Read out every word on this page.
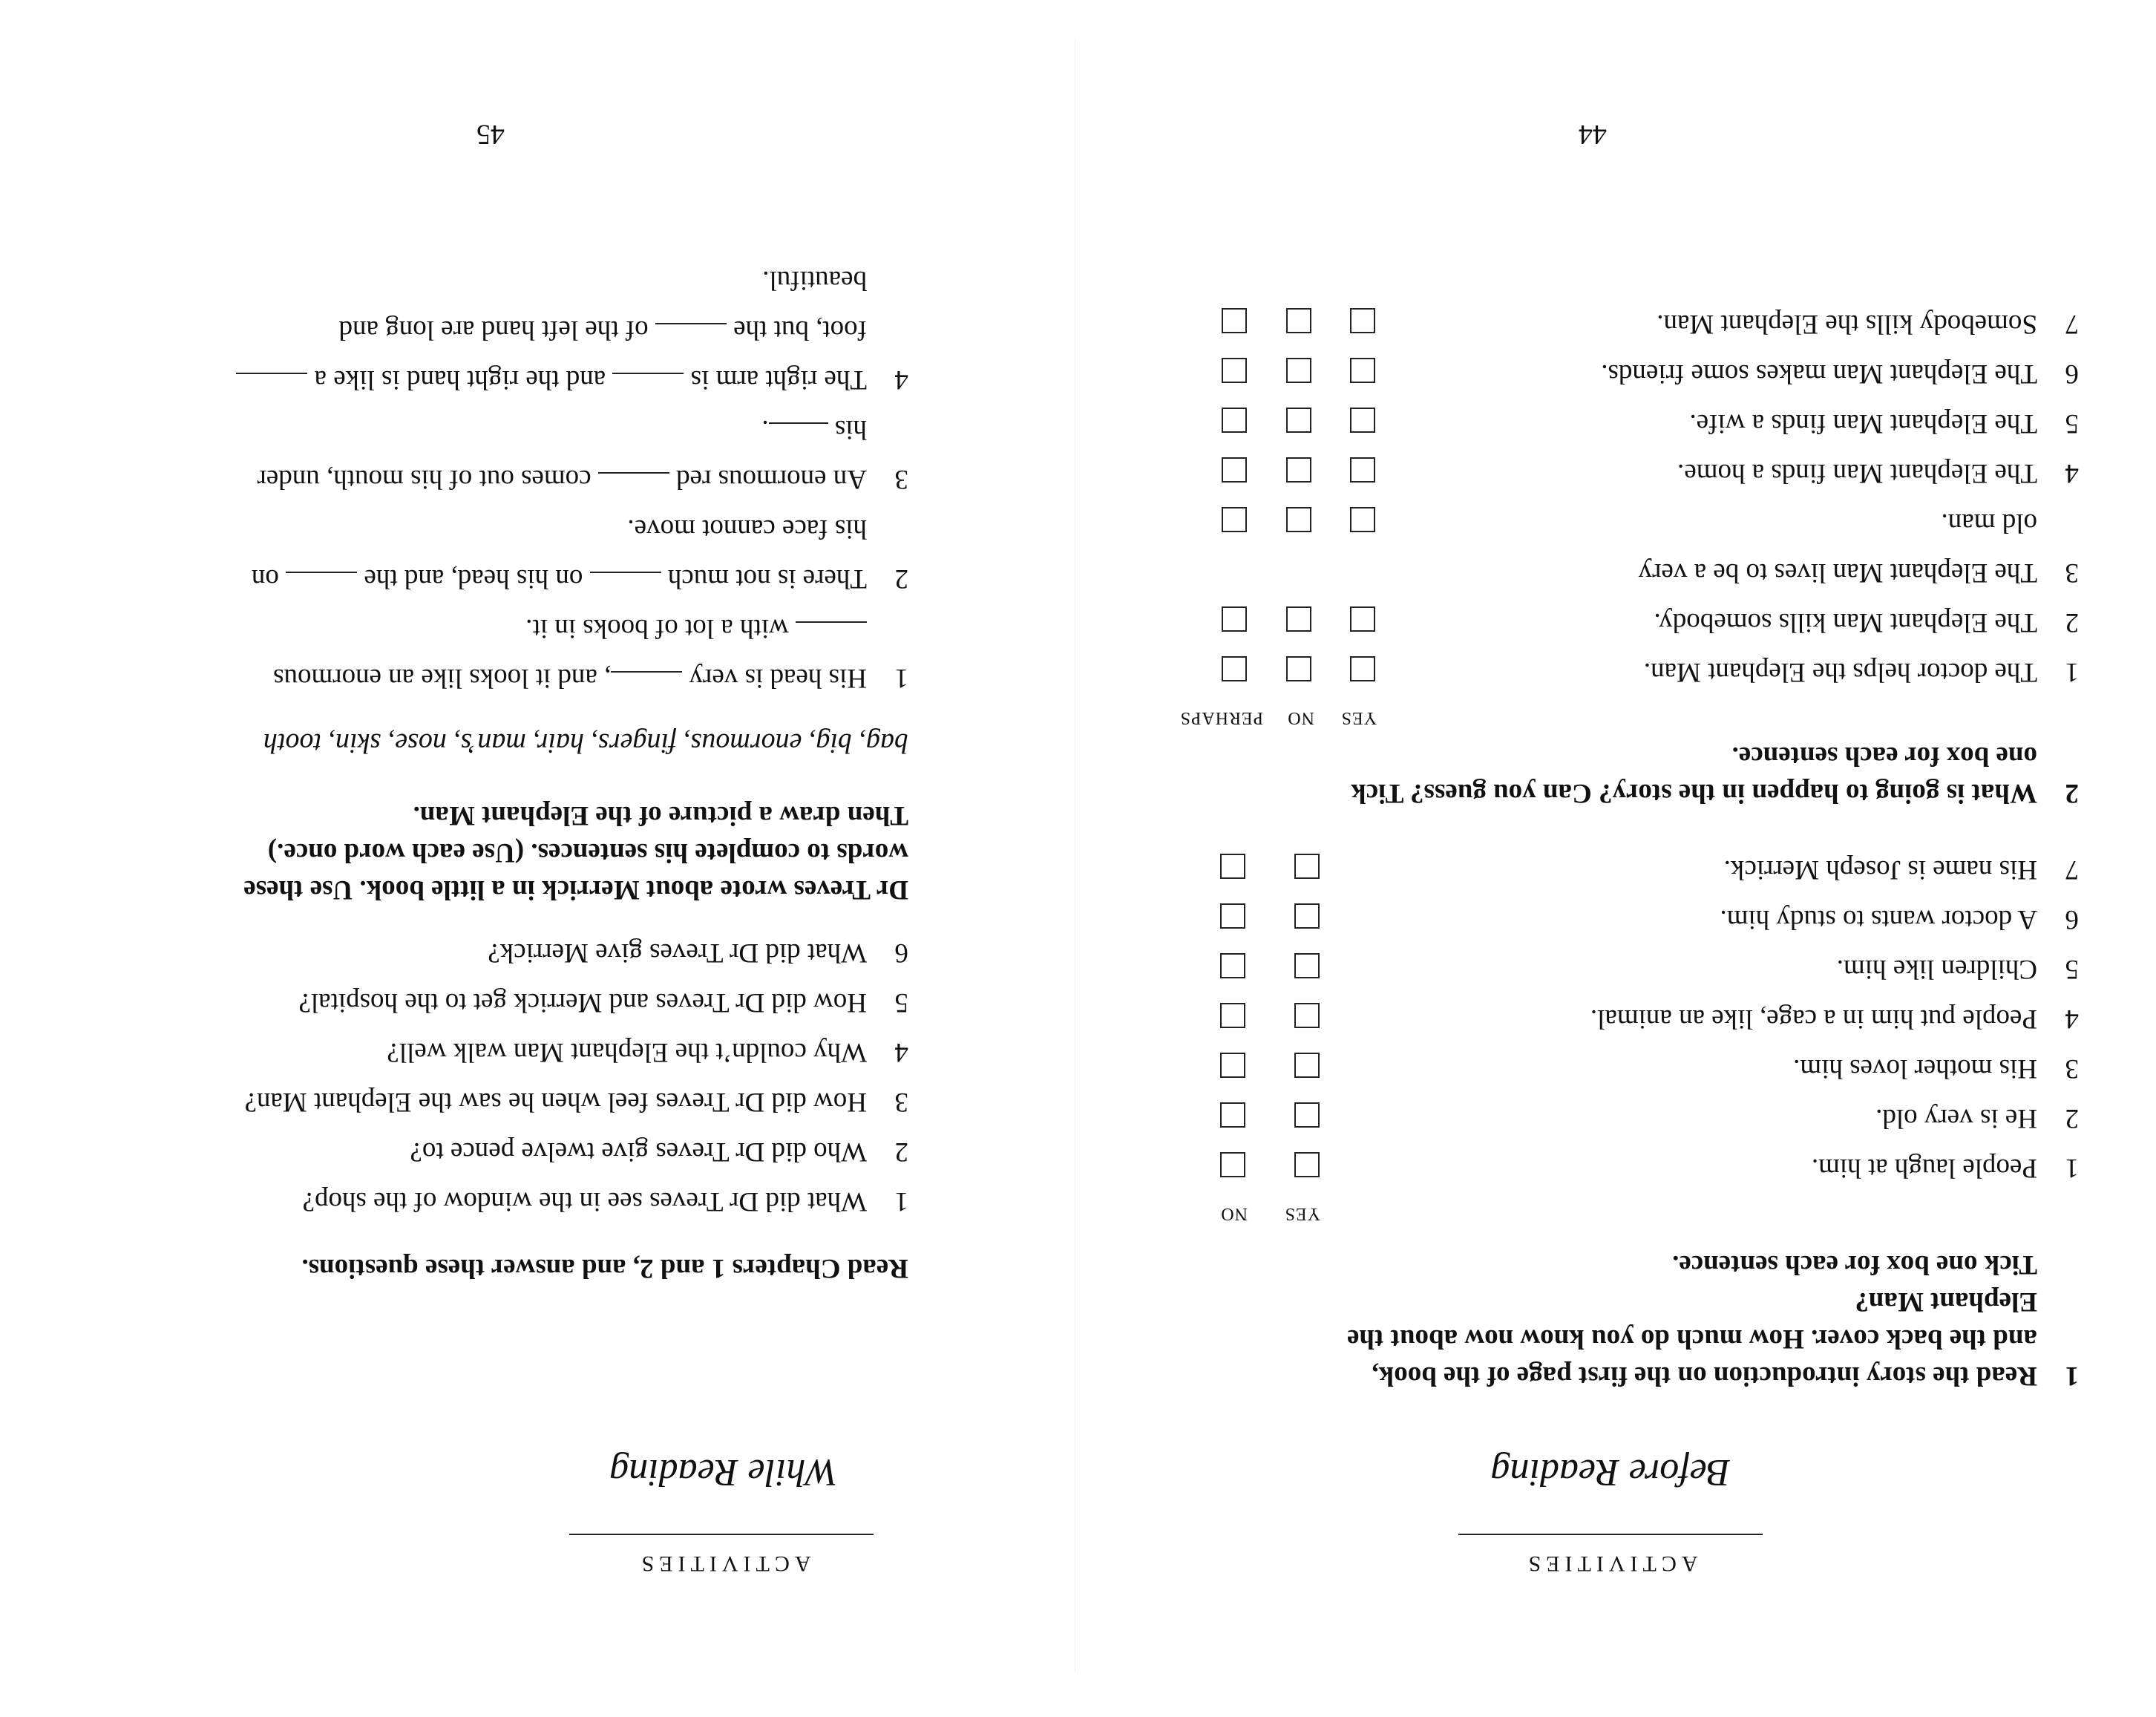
ACTIVITIES
Before Reading
1
Read the story introduction on the first page of the book,
and the back cover. How much do you know now about the
Elephant Man?
Tick one box for each sentence.
YES
NO
1
People laugh at him.
2
He is very old.
3
His mother loves him.
4
People put him in a cage, like an animal.
5
Children like him.
6
A doctor wants to study him.
7
His name is Joseph Merrick.
2
What is going to happen in the story? Can you guess? Tick
one box for each sentence.
YES
NO
PERHAPS
1
The doctor helps the Elephant Man.
2
The Elephant Man kills somebody.
3
The Elephant Man lives to be a very
old man.
4
The Elephant Man finds a home.
5
The Elephant Man finds a wife.
6
The Elephant Man makes some friends.
7
Somebody kills the Elephant Man.
44
ACTIVITIES
While Reading
Read Chapters 1 and 2, and answer these questions.
1
What did Dr Treves see in the window of the shop?
2
Who did Dr Treves give twelve pence to?
3
How did Dr Treves feel when he saw the Elephant Man?
4
Why couldn’t the Elephant Man walk well?
5
How did Dr Treves and Merrick get to the hospital?
6
What did Dr Treves give Merrick?
Dr Treves wrote about Merrick in a little book. Use these
words to complete his sentences. (Use each word once.)
Then draw a picture of the Elephant Man.
bag, big, enormous, fingers, hair, man’s, nose, skin, tooth
1
His head is very , and it looks like an enormous
with a lot of books in it.
2
There is not much  on his head, and the  on
his face cannot move.
3
An enormous red  comes out of his mouth, under
his .
4
The right arm is  and the right hand is like a
foot, but the  of the left hand are long and
beautiful.
45
